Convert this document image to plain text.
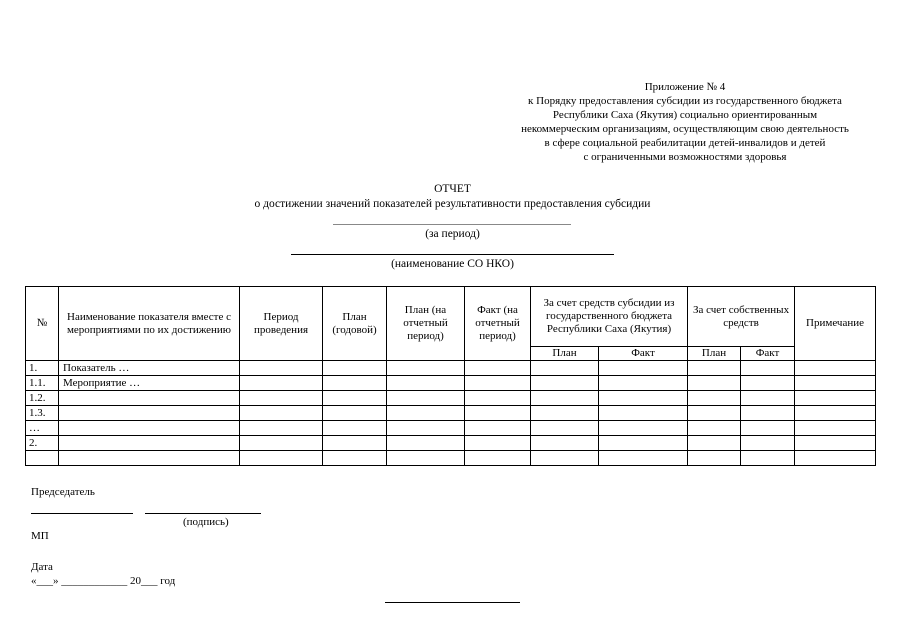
Приложение № 4
к Порядку предоставления субсидии из государственного бюджета
Республики Саха (Якутия) социально ориентированным
некоммерческим организациям, осуществляющим свою деятельность
в сфере социальной реабилитации детей-инвалидов и детей
с ограниченными возможностями здоровья
ОТЧЕТ
о достижении значений показателей результативности предоставления субсидии
(за период)
(наименование СО НКО)
№	Наименование показателя вместе с мероприятиями по их достижению	Период проведения	План (годовой)	План (на отчетный период)	Факт (на отчетный период)	За счет средств субсидии из государственного бюджета Республики Саха (Якутия)		За счет собственных средств		Примечание
						План	Факт	План	Факт	
1.	Показатель …									
1.1.	Мероприятие …									
1.2.										
1.3.										
…										
2.										

Председатель
(подпись)
МП
Дата
«___» ____________ 20___ год
